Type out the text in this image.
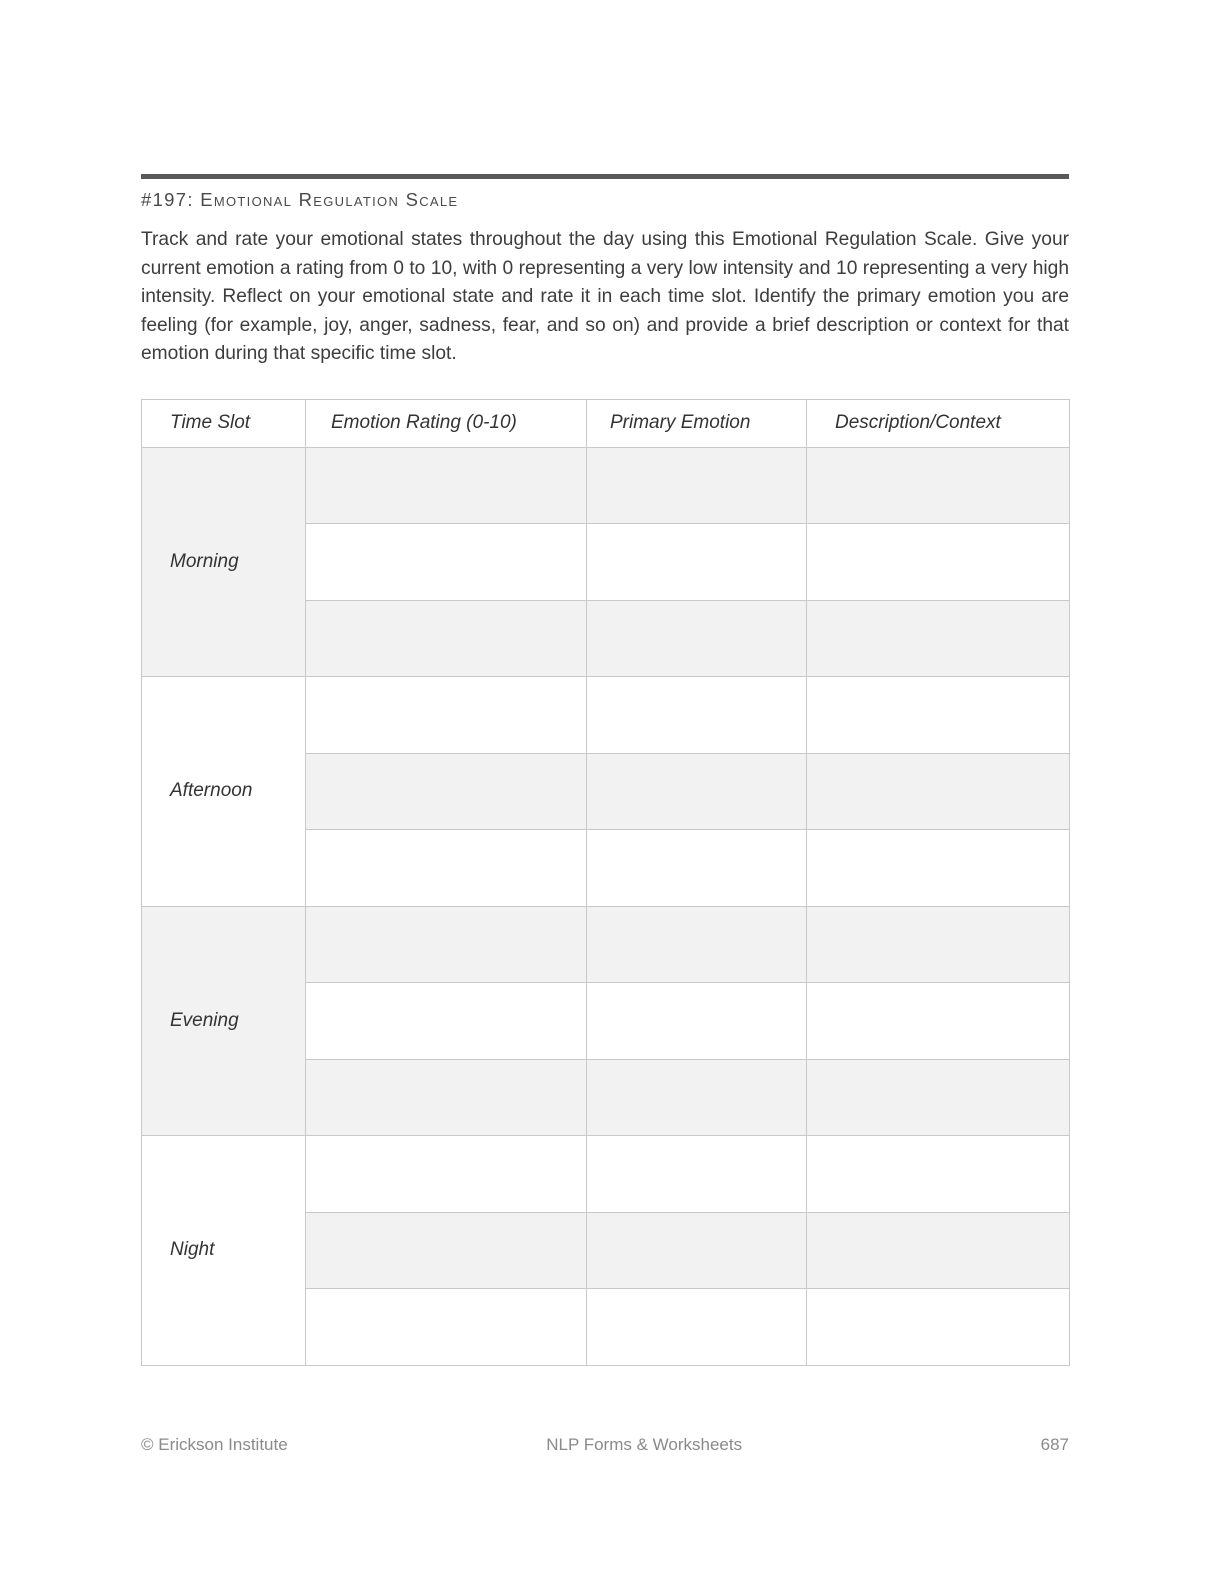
#197: Emotional Regulation Scale

Track and rate your emotional states throughout the day using this Emotional Regulation Scale. Give your current emotion a rating from 0 to 10, with 0 representing a very low intensity and 10 representing a very high intensity. Reflect on your emotional state and rate it in each time slot. Identify the primary emotion you are feeling (for example, joy, anger, sadness, fear, and so on) and provide a brief description or context for that emotion during that specific time slot.

Time Slot	Emotion Rating (0-10)	Primary Emotion	Description/Context
Morning			

Afternoon			

Evening			

Night			

© Erickson Institute	NLP Forms & Worksheets	687
